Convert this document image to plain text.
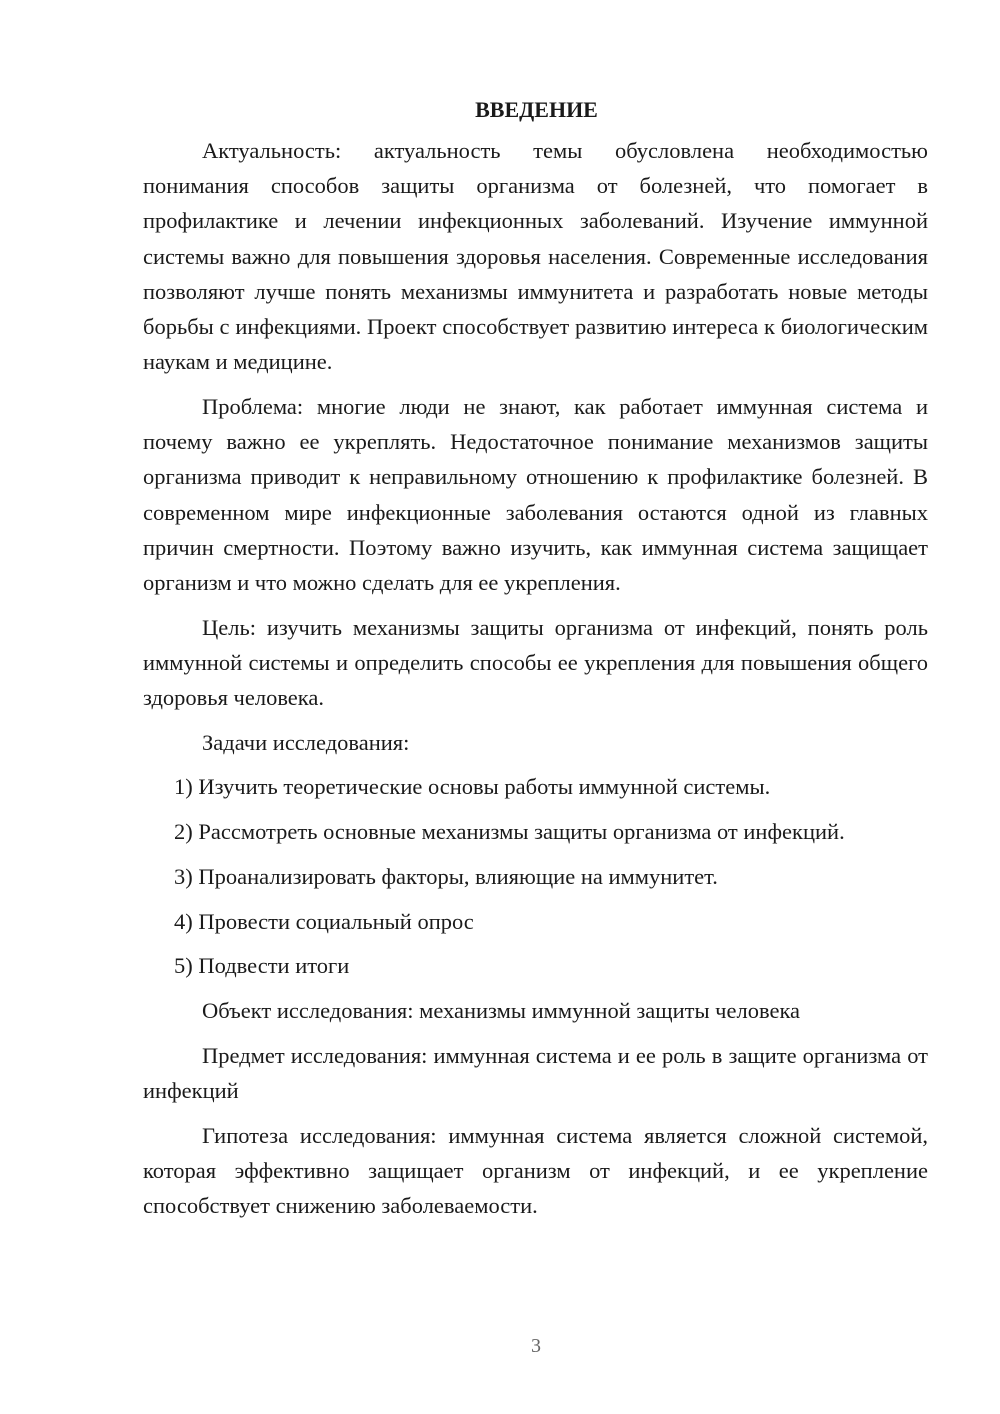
ВВЕДЕНИЕ

Актуальность: актуальность темы обусловлена необходимостью понимания способов защиты организма от болезней, что помогает в профилактике и лечении инфекционных заболеваний. Изучение иммунной системы важно для повышения здоровья населения. Современные исследования позволяют лучше понять механизмы иммунитета и разработать новые методы борьбы с инфекциями. Проект способствует развитию интереса к биологическим наукам и медицине.

Проблема: многие люди не знают, как работает иммунная система и почему важно ее укреплять. Недостаточное понимание механизмов защиты организма приводит к неправильному отношению к профилактике болезней. В современном мире инфекционные заболевания остаются одной из главных причин смертности. Поэтому важно изучить, как иммунная система защищает организм и что можно сделать для ее укрепления.

Цель: изучить механизмы защиты организма от инфекций, понять роль иммунной системы и определить способы ее укрепления для повышения общего здоровья человека.

Задачи исследования:
1) Изучить теоретические основы работы иммунной системы.
2) Рассмотреть основные механизмы защиты организма от инфекций.
3) Проанализировать факторы, влияющие на иммунитет.
4) Провести социальный опрос
5) Подвести итоги
Объект исследования: механизмы иммунной защиты человека

Предмет исследования: иммунная система и ее роль в защите организма от инфекций

Гипотеза исследования: иммунная система является сложной системой, которая эффективно защищает организм от инфекций, и ее укрепление способствует снижению заболеваемости.

3
